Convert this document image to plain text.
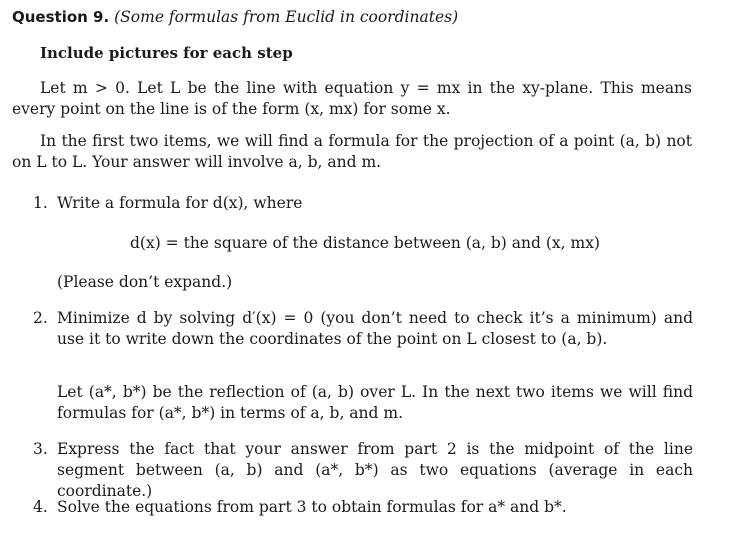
Question 9. (Some formulas from Euclid in coordinates)
Include pictures for each step
Let m > 0. Let L be the line with equation y = mx in the xy-plane. This means every point on the line is of the form (x, mx) for some x.
In the first two items, we will find a formula for the projection of a point (a, b) not on L to L. Your answer will involve a, b, and m.
1. Write a formula for d(x), where
d(x) = the square of the distance between (a, b) and (x, mx)
(Please don’t expand.)
2. Minimize d by solving d′(x) = 0 (you don’t need to check it’s a minimum) and use it to write down the coordinates of the point on L closest to (a, b).
Let (a*, b*) be the reflection of (a, b) over L. In the next two items we will find formulas for (a*, b*) in terms of a, b, and m.
3. Express the fact that your answer from part 2 is the midpoint of the line segment between (a, b) and (a*, b*) as two equations (average in each coordinate.)
4. Solve the equations from part 3 to obtain formulas for a* and b*.
